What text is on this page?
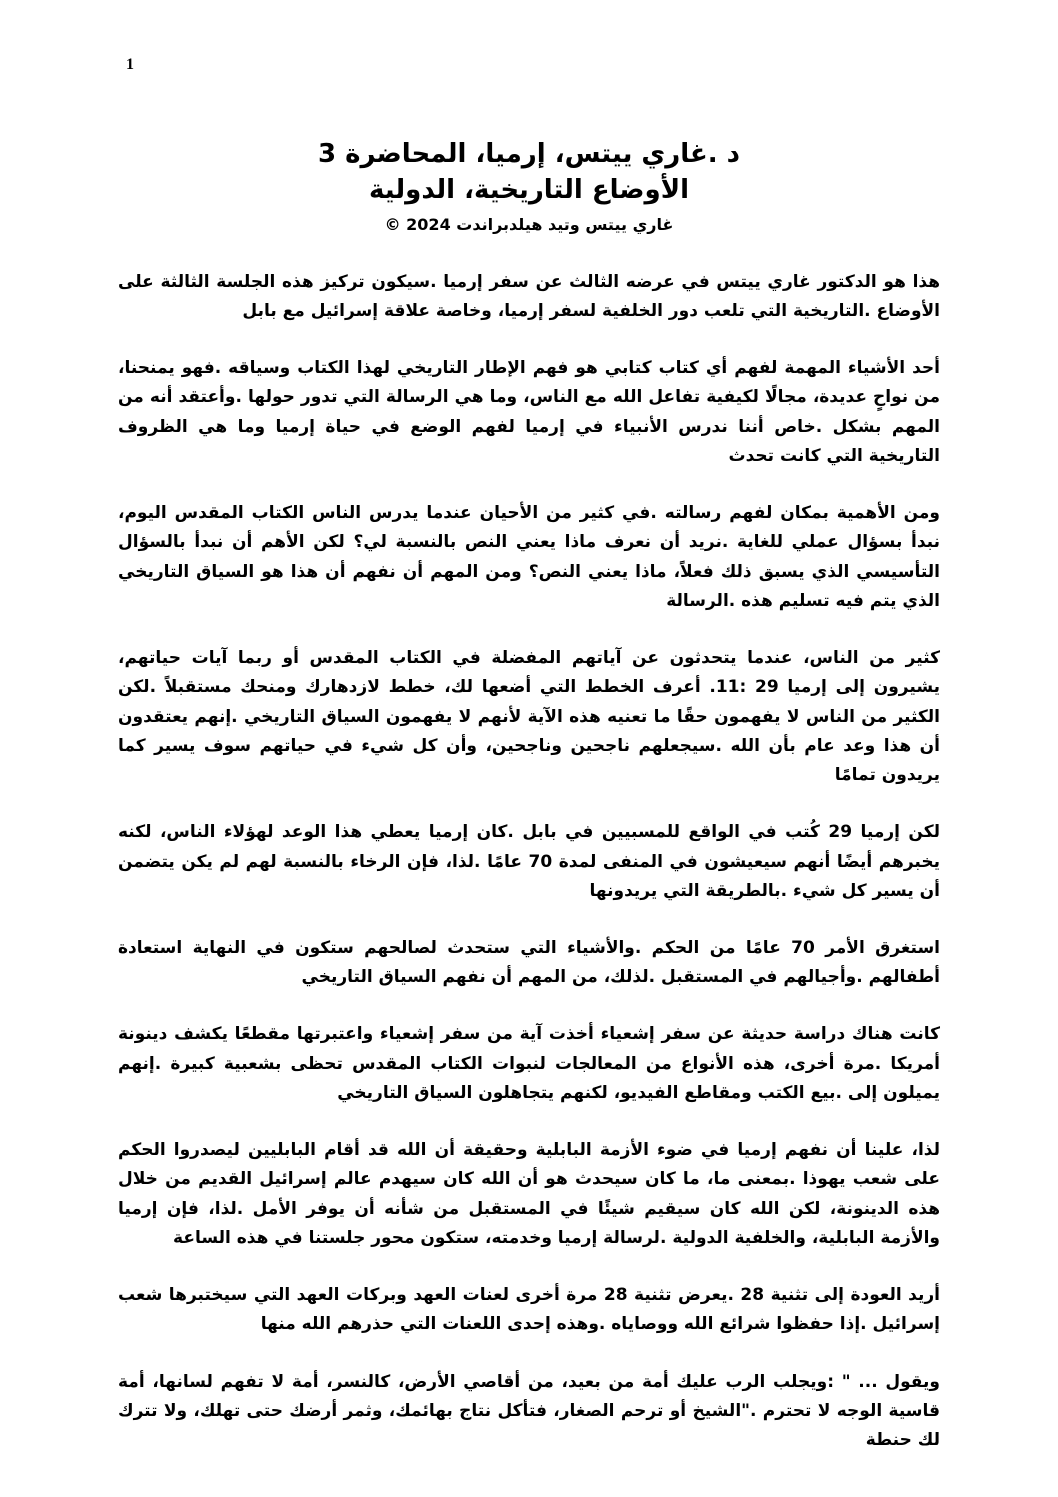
1
د .غاري ييتس، إرميا، المحاضرة 3
الأوضاع التاريخية، الدولية
غاري ييتس وتيد هيلدبراندت ‎© 2024

هذا هو الدكتور غاري ييتس في عرضه الثالث عن سفر إرميا .سيكون تركيز هذه الجلسة الثالثة على الأوضاع .التاريخية التي تلعب دور الخلفية لسفر إرميا، وخاصة علاقة إسرائيل مع بابل

أحد الأشياء المهمة لفهم أي كتاب كتابي هو فهم الإطار التاريخي لهذا الكتاب وسياقه .فهو يمنحنا، من نواحٍ عديدة، مجالًا لكيفية تفاعل الله مع الناس، وما هي الرسالة التي تدور حولها .وأعتقد أنه من المهم بشكل .خاص أننا ندرس الأنبياء في إرميا لفهم الوضع في حياة إرميا وما هي الظروف التاريخية التي كانت تحدث

ومن الأهمية بمكان لفهم رسالته .في كثير من الأحيان عندما يدرس الناس الكتاب المقدس اليوم، نبدأ بسؤال عملي للغاية .نريد أن نعرف ماذا يعني النص بالنسبة لي؟ لكن الأهم أن نبدأ بالسؤال التأسيسي الذي يسبق ذلك فعلاً، ماذا يعني النص؟ ومن المهم أن نفهم أن هذا هو السياق التاريخي الذي يتم فيه تسليم هذه .الرسالة

كثير من الناس، عندما يتحدثون عن آياتهم المفضلة في الكتاب المقدس أو ربما آيات حياتهم، يشيرون إلى إرميا 29 :11. أعرف الخطط التي أضعها لك، خطط لازدهارك ومنحك مستقبلاً .لكن الكثير من الناس لا يفهمون حقًا ما تعنيه هذه الآية لأنهم لا يفهمون السياق التاريخي .إنهم يعتقدون أن هذا وعد عام بأن الله .سيجعلهم ناجحين وناجحين، وأن كل شيء في حياتهم سوف يسير كما يريدون تمامًا

لكن إرميا 29 كُتب في الواقع للمسبيين في بابل .كان إرميا يعطي هذا الوعد لهؤلاء الناس، لكنه يخبرهم أيضًا أنهم سيعيشون في المنفى لمدة 70 عامًا .لذا، فإن الرخاء بالنسبة لهم لم يكن يتضمن أن يسير كل شيء .بالطريقة التي يريدونها

استغرق الأمر 70 عامًا من الحكم .والأشياء التي ستحدث لصالحهم ستكون في النهاية استعادة أطفالهم .وأجيالهم في المستقبل .لذلك، من المهم أن نفهم السياق التاريخي

كانت هناك دراسة حديثة عن سفر إشعياء أخذت آية من سفر إشعياء واعتبرتها مقطعًا يكشف دينونة أمريكا .مرة أخرى، هذه الأنواع من المعالجات لنبوات الكتاب المقدس تحظى بشعبية كبيرة .إنهم يميلون إلى .بيع الكتب ومقاطع الفيديو، لكنهم يتجاهلون السياق التاريخي

لذا، علينا أن نفهم إرميا في ضوء الأزمة البابلية وحقيقة أن الله قد أقام البابليين ليصدروا الحكم على شعب يهوذا .بمعنى ما، ما كان سيحدث هو أن الله كان سيهدم عالم إسرائيل القديم من خلال هذه الدينونة، لكن الله كان سيقيم شيئًا في المستقبل من شأنه أن يوفر الأمل .لذا، فإن إرميا والأزمة البابلية، والخلفية الدولية .لرسالة إرميا وخدمته، ستكون محور جلستنا في هذه الساعة

أريد العودة إلى تثنية 28 .يعرض تثنية 28 مرة أخرى لعنات العهد وبركات العهد التي سيختبرها شعب إسرائيل .إذا حفظوا شرائع الله ووصاياه .وهذه إحدى اللعنات التي حذرهم الله منها

ويقول ... " :ويجلب الرب عليك أمة من بعيد، من أقاصي الأرض، كالنسر، أمة لا تفهم لسانها، أمة قاسية الوجه لا تحترم ."الشيخ أو ترحم الصغار، فتأكل نتاج بهائمك، وثمر أرضك حتى تهلك، ولا تترك لك حنطة
